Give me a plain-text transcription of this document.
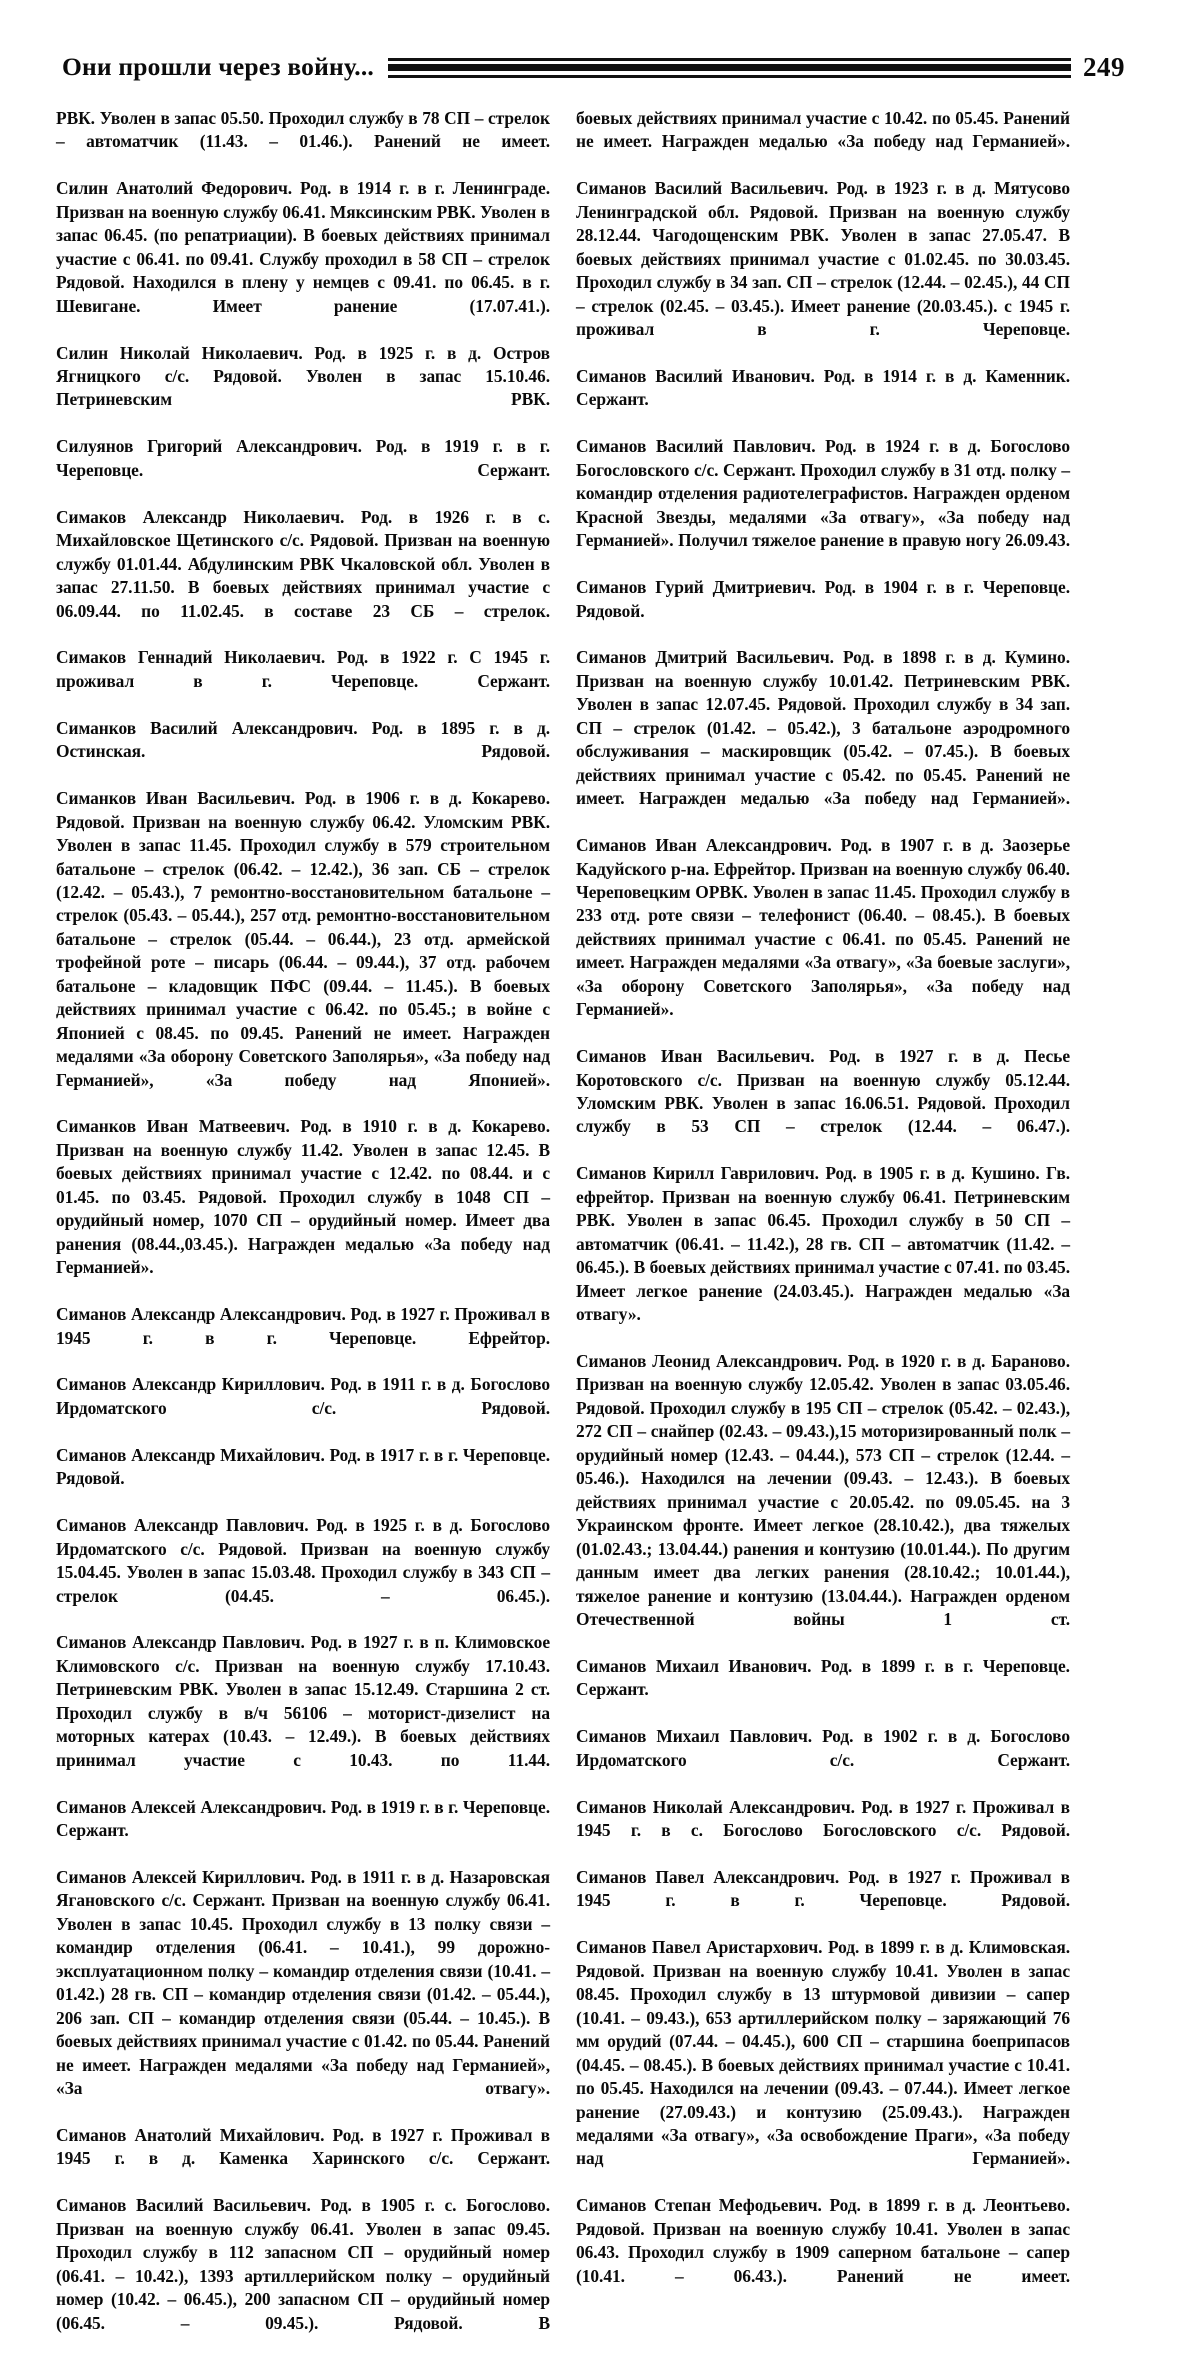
Они прошли через войну...	249

РВК. Уволен в запас 05.50. Проходил службу в 78 СП – стрелок – автоматчик (11.43. – 01.46.). Ранений не имеет.

Силин Анатолий Федорович. Род. в 1914 г. в г. Ленинграде. Призван на военную службу 06.41. Мяксинским РВК. Уволен в запас 06.45. (по репатриации). В боевых действиях принимал участие с 06.41. по 09.41. Службу проходил в 58 СП – стрелок Рядовой. Находился в плену у немцев с 09.41. по 06.45. в г. Шевигане. Имеет ранение (17.07.41.).

Силин Николай Николаевич. Род. в 1925 г. в д. Остров Ягницкого с/с. Рядовой. Уволен в запас 15.10.46. Петриневским РВК.

Силуянов Григорий Александрович. Род. в 1919 г. в г. Череповце. Сержант.

Симаков Александр Николаевич. Род. в 1926 г. в с. Михайловское Щетинского с/с. Рядовой. Призван на военную службу 01.01.44. Абдулинским РВК Чкаловской обл. Уволен в запас 27.11.50. В боевых действиях принимал участие с 06.09.44. по 11.02.45. в составе 23 СБ – стрелок.

Симаков Геннадий Николаевич. Род. в 1922 г. С 1945 г. проживал в г. Череповце. Сержант.

Симанков Василий Александрович. Род. в 1895 г. в д. Остинская. Рядовой.

Симанков Иван Васильевич. Род. в 1906 г. в д. Кокарево. Рядовой. Призван на военную службу 06.42. Уломским РВК. Уволен в запас 11.45. Проходил службу в 579 строительном батальоне – стрелок (06.42. – 12.42.), 36 зап. СБ – стрелок (12.42. – 05.43.), 7 ремонтно-восстановительном батальоне – стрелок (05.43. – 05.44.), 257 отд. ремонтно-восстановительном батальоне – стрелок (05.44. – 06.44.), 23 отд. армейской трофейной роте – писарь (06.44. – 09.44.), 37 отд. рабочем батальоне – кладовщик ПФС (09.44. – 11.45.). В боевых действиях принимал участие с 06.42. по 05.45.; в войне с Японией с 08.45. по 09.45. Ранений не имеет. Награжден медалями «За оборону Советского Заполярья», «За победу над Германией», «За победу над Японией».

Симанков Иван Матвеевич. Род. в 1910 г. в д. Кокарево. Призван на военную службу 11.42. Уволен в запас 12.45. В боевых действиях принимал участие с 12.42. по 08.44. и с 01.45. по 03.45. Рядовой. Проходил службу в 1048 СП – орудийный номер, 1070 СП – орудийный номер. Имеет два ранения (08.44.,03.45.). Награжден медалью «За победу над Германией».

Симанов Александр Александрович. Род. в 1927 г. Проживал в 1945 г. в г. Череповце. Ефрейтор.

Симанов Александр Кириллович. Род. в 1911 г. в д. Богослово Ирдоматского с/с. Рядовой.

Симанов Александр Михайлович. Род. в 1917 г. в г. Череповце. Рядовой.

Симанов Александр Павлович. Род. в 1925 г. в д. Богослово Ирдоматского с/с. Рядовой. Призван на военную службу 15.04.45. Уволен в запас 15.03.48. Проходил службу в 343 СП – стрелок (04.45. – 06.45.).

Симанов Александр Павлович. Род. в 1927 г. в п. Климовское Климовского с/с. Призван на военную службу 17.10.43. Петриневским РВК. Уволен в запас 15.12.49. Старшина 2 ст. Проходил службу в в/ч 56106 – моторист-дизелист на моторных катерах (10.43. – 12.49.). В боевых действиях принимал участие с 10.43. по 11.44.

Симанов Алексей Александрович. Род. в 1919 г. в г. Череповце. Сержант.

Симанов Алексей Кириллович. Род. в 1911 г. в д. Назаровская Ягановского с/с. Сержант. Призван на военную службу 06.41. Уволен в запас 10.45. Проходил службу в 13 полку связи – командир отделения (06.41. – 10.41.), 99 дорожно-эксплуатационном полку – командир отделения связи (10.41. – 01.42.) 28 гв. СП – командир отделения связи (01.42. – 05.44.), 206 зап. СП – командир отделения связи (05.44. – 10.45.). В боевых действиях принимал участие с 01.42. по 05.44. Ранений не имеет. Награжден медалями «За победу над Германией», «За отвагу».

Симанов Анатолий Михайлович. Род. в 1927 г. Проживал в 1945 г. в д. Каменка Харинского с/с. Сержант.

Симанов Василий Васильевич. Род. в 1905 г. с. Богослово. Призван на военную службу 06.41. Уволен в запас 09.45. Проходил службу в 112 запасном СП – орудийный номер (06.41. – 10.42.), 1393 артиллерийском полку – орудийный номер (10.42. – 06.45.), 200 запасном СП – орудийный номер (06.45. – 09.45.). Рядовой. В

боевых действиях принимал участие с 10.42. по 05.45. Ранений не имеет. Награжден медалью «За победу над Германией».

Симанов Василий Васильевич. Род. в 1923 г. в д. Мятусово Ленинградской обл. Рядовой. Призван на военную службу 28.12.44. Чагодощенским РВК. Уволен в запас 27.05.47. В боевых действиях принимал участие с 01.02.45. по 30.03.45. Проходил службу в 34 зап. СП – стрелок (12.44. – 02.45.), 44 СП – стрелок (02.45. – 03.45.). Имеет ранение (20.03.45.). с 1945 г. проживал в г. Череповце.

Симанов Василий Иванович. Род. в 1914 г. в д. Каменник. Сержант.

Симанов Василий Павлович. Род. в 1924 г. в д. Богослово Богословского с/с. Сержант. Проходил службу в 31 отд. полку – командир отделения радиотелеграфистов. Награжден орденом Красной Звезды, медалями «За отвагу», «За победу над Германией». Получил тяжелое ранение в правую ногу 26.09.43.

Симанов Гурий Дмитриевич. Род. в 1904 г. в г. Череповце. Рядовой.

Симанов Дмитрий Васильевич. Род. в 1898 г. в д. Кумино. Призван на военную службу 10.01.42. Петриневским РВК. Уволен в запас 12.07.45. Рядовой. Проходил службу в 34 зап. СП – стрелок (01.42. – 05.42.), 3 батальоне аэродромного обслуживания – маскировщик (05.42. – 07.45.). В боевых действиях принимал участие с 05.42. по 05.45. Ранений не имеет. Награжден медалью «За победу над Германией».

Симанов Иван Александрович. Род. в 1907 г. в д. Заозерье Кадуйского р-на. Ефрейтор. Призван на военную службу 06.40. Череповецким ОРВК. Уволен в запас 11.45. Проходил службу в 233 отд. роте связи – телефонист (06.40. – 08.45.). В боевых действиях принимал участие с 06.41. по 05.45. Ранений не имеет. Награжден медалями «За отвагу», «За боевые заслуги», «За оборону Советского Заполярья», «За победу над Германией».

Симанов Иван Васильевич. Род. в 1927 г. в д. Песье Коротовского с/с. Призван на военную службу 05.12.44. Уломским РВК. Уволен в запас 16.06.51. Рядовой. Проходил службу в 53 СП – стрелок (12.44. – 06.47.).

Симанов Кирилл Гаврилович. Род. в 1905 г. в д. Кушино. Гв. ефрейтор. Призван на военную службу 06.41. Петриневским РВК. Уволен в запас 06.45. Проходил службу в 50 СП – автоматчик (06.41. – 11.42.), 28 гв. СП – автоматчик (11.42. – 06.45.). В боевых действиях принимал участие с 07.41. по 03.45. Имеет легкое ранение (24.03.45.). Награжден медалью «За отвагу».

Симанов Леонид Александрович. Род. в 1920 г. в д. Бараново. Призван на военную службу 12.05.42. Уволен в запас 03.05.46. Рядовой. Проходил службу в 195 СП – стрелок (05.42. – 02.43.), 272 СП – снайпер (02.43. – 09.43.),15 моторизированный полк – орудийный номер (12.43. – 04.44.), 573 СП – стрелок (12.44. – 05.46.). Находился на лечении (09.43. – 12.43.). В боевых действиях принимал участие с 20.05.42. по 09.05.45. на 3 Украинском фронте. Имеет легкое (28.10.42.), два тяжелых (01.02.43.; 13.04.44.) ранения и контузию (10.01.44.). По другим данным имеет два легких ранения (28.10.42.; 10.01.44.), тяжелое ранение и контузию (13.04.44.). Награжден орденом Отечественной войны 1 ст.

Симанов Михаил Иванович. Род. в 1899 г. в г. Череповце. Сержант.

Симанов Михаил Павлович. Род. в 1902 г. в д. Богослово Ирдоматского с/с. Сержант.

Симанов Николай Александрович. Род. в 1927 г. Проживал в 1945 г. в с. Богослово Богословского с/с. Рядовой.

Симанов Павел Александрович. Род. в 1927 г. Проживал в 1945 г. в г. Череповце. Рядовой.

Симанов Павел Аристархович. Род. в 1899 г. в д. Климовская. Рядовой. Призван на военную службу 10.41. Уволен в запас 08.45. Проходил службу в 13 штурмовой дивизии – сапер (10.41. – 09.43.), 653 артиллерийском полку – заряжающий 76 мм орудий (07.44. – 04.45.), 600 СП – старшина боеприпасов (04.45. – 08.45.). В боевых действиях принимал участие с 10.41. по 05.45. Находился на лечении (09.43. – 07.44.). Имеет легкое ранение (27.09.43.) и контузию (25.09.43.). Награжден медалями «За отвагу», «За освобождение Праги», «За победу над Германией».

Симанов Степан Мефодьевич. Род. в 1899 г. в д. Леонтьево. Рядовой. Призван на военную службу 10.41. Уволен в запас 06.43. Проходил службу в 1909 саперном батальоне – сапер (10.41. – 06.43.). Ранений не имеет.
